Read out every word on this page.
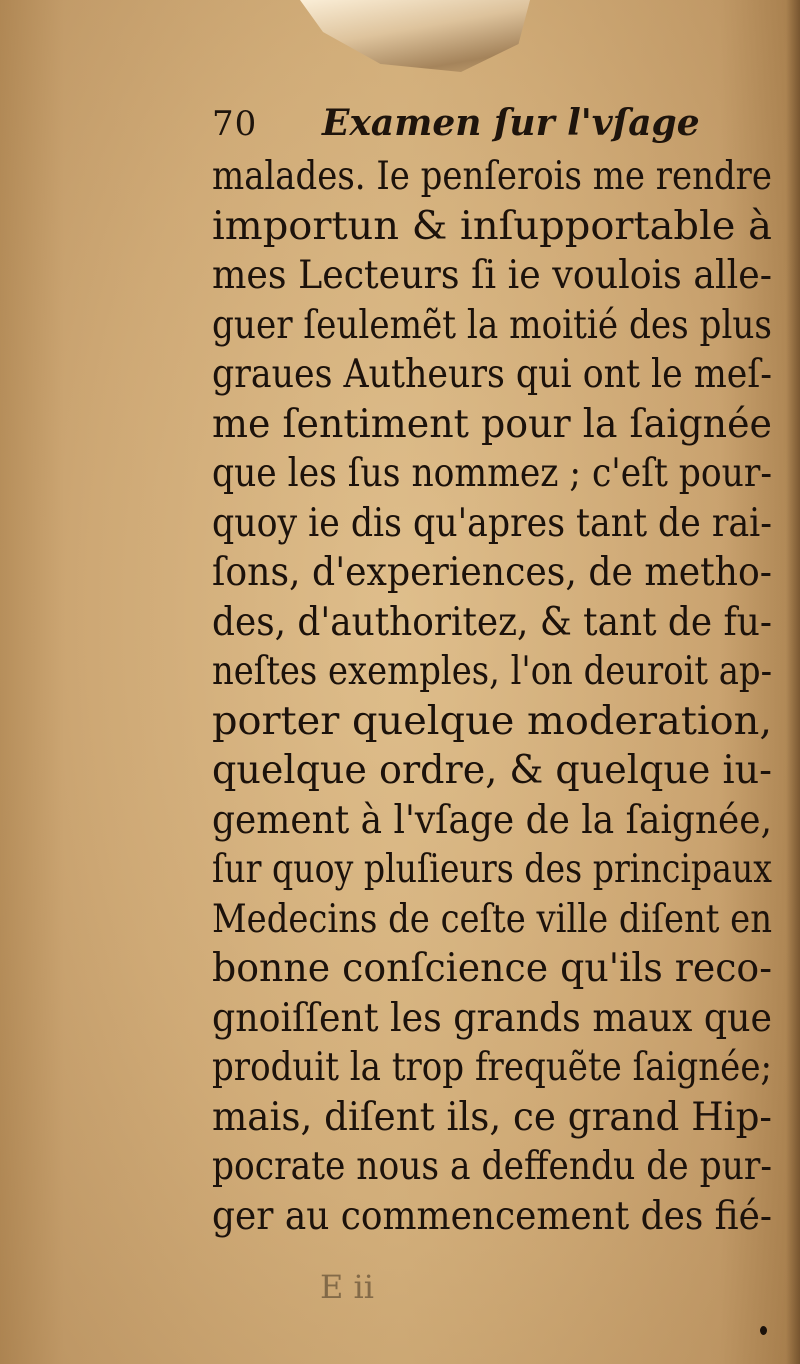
70 Examen ſur l'vſage
malades. Ie penſerois me rendre
importun & inſupportable à
mes Lecteurs ſi ie voulois alle-
guer ſeulemẽt la moitié des plus
graues Autheurs qui ont le meſ-
me ſentiment pour la ſaignée
que les ſus nommez ; c'eſt pour-
quoy ie dis qu'apres tant de rai-
ſons, d'experiences, de metho-
des, d'authoritez, & tant de fu-
neſtes exemples, l'on deuroit ap-
porter quelque moderation,
quelque ordre, & quelque iu-
gement à l'vſage de la ſaignée,
ſur quoy pluſieurs des principaux
Medecins de ceſte ville diſent en
bonne conſcience qu'ils reco-
gnoiſſent les grands maux que
produit la trop frequẽte ſaignée;
mais, diſent ils, ce grand Hip-
pocrate nous a deffendu de pur-
ger au commencement des fié-
E ii
